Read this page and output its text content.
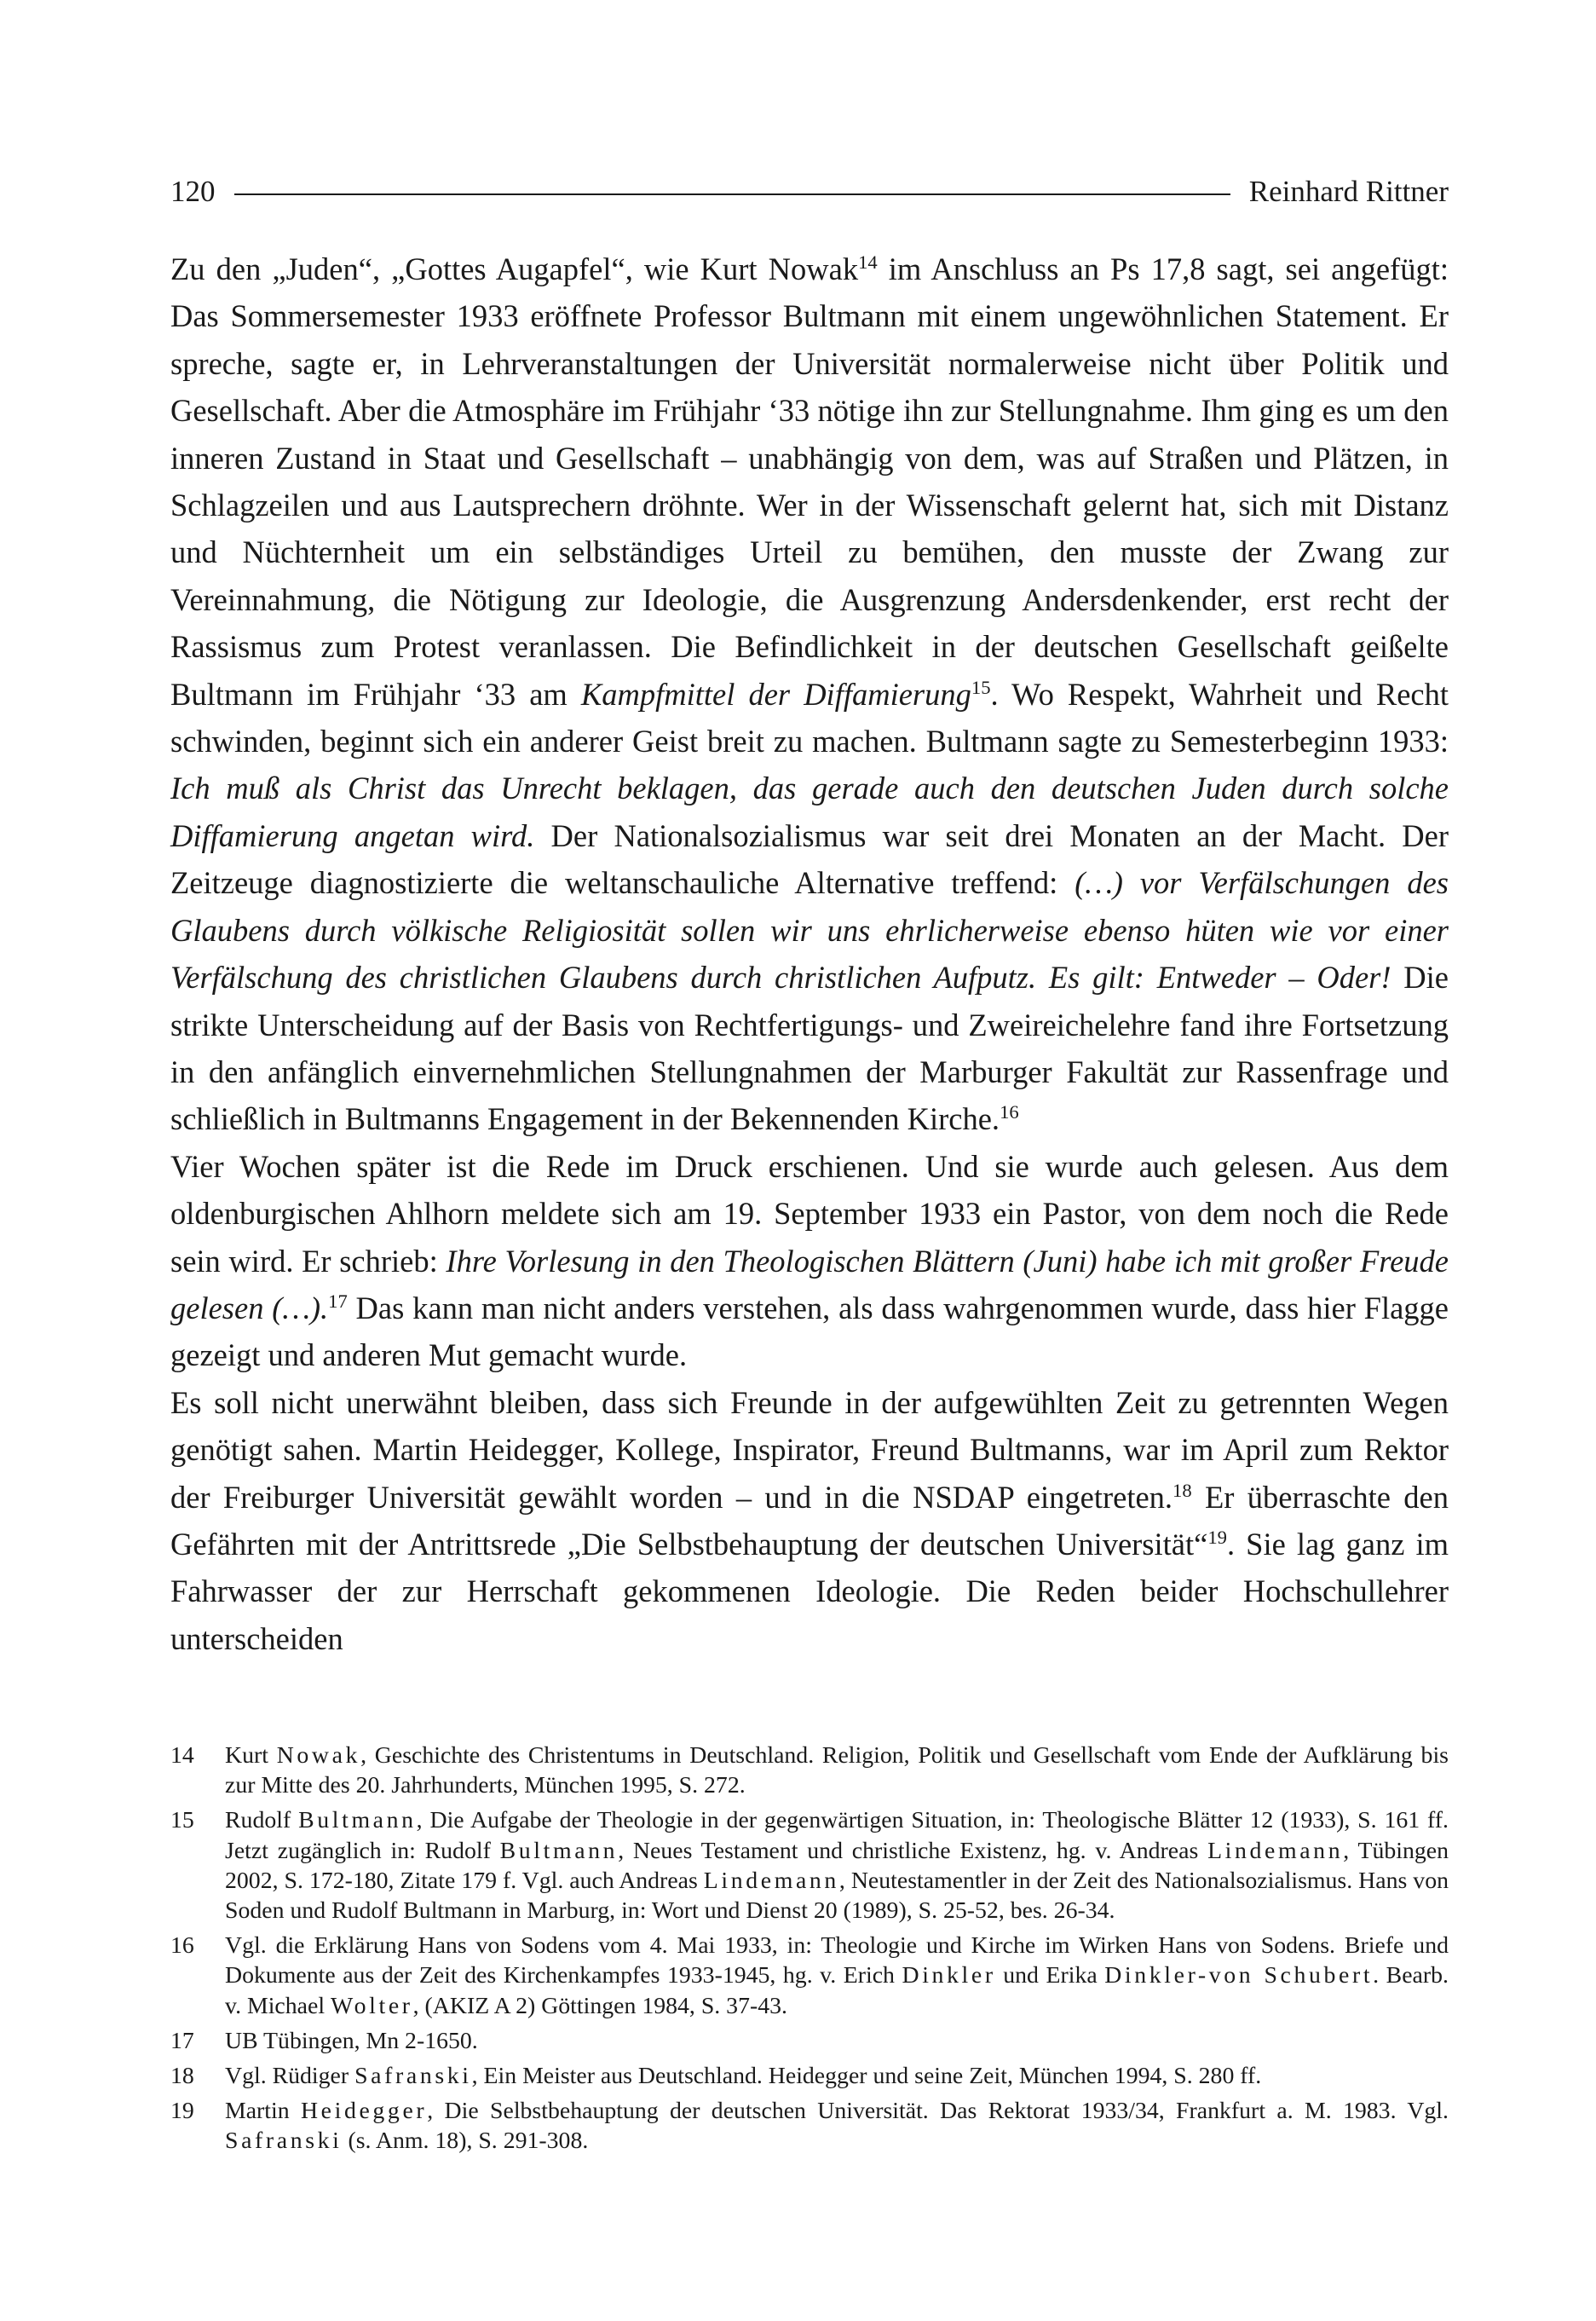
120	Reinhard Rittner

Zu den „Juden“, „Gottes Augapfel“, wie Kurt Nowak$^{14}$ im Anschluss an Ps 17,8 sagt, sei angefügt: Das Sommersemester 1933 eröffnete Professor Bultmann mit einem ungewöhnlichen Statement. Er spreche, sagte er, in Lehrveranstaltungen der Universität normalerweise nicht über Politik und Gesellschaft. Aber die Atmosphäre im Frühjahr ‘33 nötige ihn zur Stellungnahme. Ihm ging es um den inneren Zustand in Staat und Gesellschaft – unabhängig von dem, was auf Straßen und Plätzen, in Schlagzeilen und aus Lautsprechern dröhnte. Wer in der Wissenschaft gelernt hat, sich mit Distanz und Nüchternheit um ein selbständiges Urteil zu bemühen, den musste der Zwang zur Vereinnahmung, die Nötigung zur Ideologie, die Ausgrenzung Andersdenkender, erst recht der Rassismus zum Protest veranlassen. Die Befindlichkeit in der deutschen Gesellschaft geißelte Bultmann im Frühjahr ‘33 am Kampfmittel der Diffamierung$^{15}$. Wo Respekt, Wahrheit und Recht schwinden, beginnt sich ein anderer Geist breit zu machen. Bultmann sagte zu Semesterbeginn 1933: Ich muß als Christ das Unrecht beklagen, das gerade auch den deutschen Juden durch solche Diffamierung angetan wird. Der Nationalsozialismus war seit drei Monaten an der Macht. Der Zeitzeuge diagnostizierte die weltanschauliche Alternative treffend: (…) vor Verfälschungen des Glaubens durch völkische Religiosität sollen wir uns ehrlicherweise ebenso hüten wie vor einer Verfälschung des christlichen Glaubens durch christlichen Aufputz. Es gilt: Entweder – Oder! Die strikte Unterscheidung auf der Basis von Rechtfertigungs- und Zweireichelehre fand ihre Fortsetzung in den anfänglich einvernehmlichen Stellungnahmen der Marburger Fakultät zur Rassenfrage und schließlich in Bultmanns Engagement in der Bekennenden Kirche.$^{16}$

Vier Wochen später ist die Rede im Druck erschienen. Und sie wurde auch gelesen. Aus dem oldenburgischen Ahlhorn meldete sich am 19. September 1933 ein Pastor, von dem noch die Rede sein wird. Er schrieb: Ihre Vorlesung in den Theologischen Blättern (Juni) habe ich mit großer Freude gelesen (…).$^{17}$ Das kann man nicht anders verstehen, als dass wahrgenommen wurde, dass hier Flagge gezeigt und anderen Mut gemacht wurde.

Es soll nicht unerwähnt bleiben, dass sich Freunde in der aufgewühlten Zeit zu getrennten Wegen genötigt sahen. Martin Heidegger, Kollege, Inspirator, Freund Bultmanns, war im April zum Rektor der Freiburger Universität gewählt worden – und in die NSDAP eingetreten.$^{18}$ Er überraschte den Gefährten mit der Antrittsrede „Die Selbstbehauptung der deutschen Universität“$^{19}$. Sie lag ganz im Fahrwasser der zur Herrschaft gekommenen Ideologie. Die Reden beider Hochschullehrer unterscheiden

14	Kurt Nowak, Geschichte des Christentums in Deutschland. Religion, Politik und Gesellschaft vom Ende der Aufklärung bis zur Mitte des 20. Jahrhunderts, München 1995, S. 272.
15	Rudolf Bultmann, Die Aufgabe der Theologie in der gegenwärtigen Situation, in: Theologische Blätter 12 (1933), S. 161 ff. Jetzt zugänglich in: Rudolf Bultmann, Neues Testament und christliche Existenz, hg. v. Andreas Lindemann, Tübingen 2002, S. 172-180, Zitate 179 f. Vgl. auch Andreas Lindemann, Neutestamentler in der Zeit des Nationalsozialismus. Hans von Soden und Rudolf Bultmann in Marburg, in: Wort und Dienst 20 (1989), S. 25-52, bes. 26-34.
16	Vgl. die Erklärung Hans von Sodens vom 4. Mai 1933, in: Theologie und Kirche im Wirken Hans von Sodens. Briefe und Dokumente aus der Zeit des Kirchenkampfes 1933-1945, hg. v. Erich Dinkler und Erika Dinkler-von Schubert. Bearb. v. Michael Wolter, (AKIZ A 2) Göttingen 1984, S. 37-43.
17	UB Tübingen, Mn 2-1650.
18	Vgl. Rüdiger Safranski, Ein Meister aus Deutschland. Heidegger und seine Zeit, München 1994, S. 280 ff.
19	Martin Heidegger, Die Selbstbehauptung der deutschen Universität. Das Rektorat 1933/34, Frankfurt a. M. 1983. Vgl. Safranski (s. Anm. 18), S. 291-308.
